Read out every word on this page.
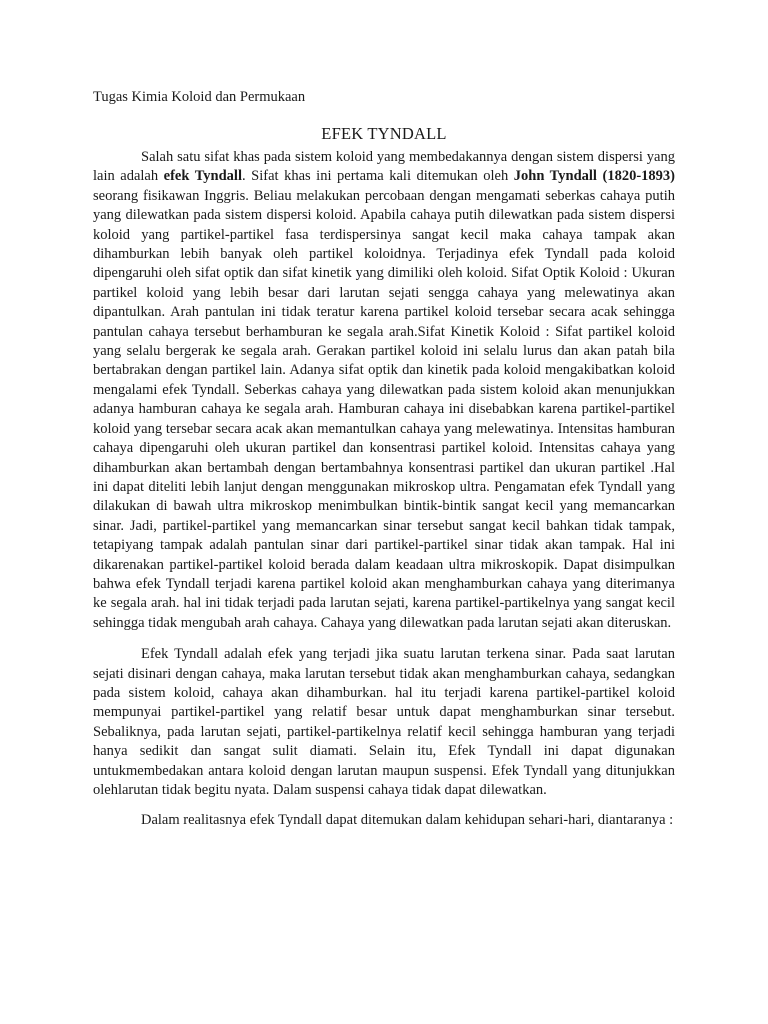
Tugas Kimia Koloid dan Permukaan
EFEK TYNDALL

Salah satu sifat khas pada sistem koloid yang membedakannya dengan sistem dispersi yang lain adalah efek Tyndall. Sifat khas ini pertama kali ditemukan oleh John Tyndall (1820-1893) seorang fisikawan Inggris. Beliau melakukan percobaan dengan mengamati seberkas cahaya putih yang dilewatkan pada sistem dispersi koloid. Apabila cahaya putih dilewatkan pada sistem dispersi koloid yang partikel-partikel fasa terdispersinya sangat kecil maka cahaya tampak akan dihamburkan lebih banyak oleh partikel koloidnya. Terjadinya efek Tyndall pada koloid dipengaruhi oleh sifat optik dan sifat kinetik yang dimiliki oleh koloid. Sifat Optik Koloid : Ukuran partikel koloid yang lebih besar dari larutan sejati sengga cahaya yang melewatinya akan dipantulkan. Arah pantulan ini tidak teratur karena partikel koloid tersebar secara acak sehingga pantulan cahaya tersebut berhamburan ke segala arah.Sifat Kinetik Koloid : Sifat partikel koloid yang selalu bergerak ke segala arah. Gerakan partikel koloid ini selalu lurus dan akan patah bila bertabrakan dengan partikel lain. Adanya sifat optik dan kinetik pada koloid mengakibatkan koloid mengalami efek Tyndall. Seberkas cahaya yang dilewatkan pada sistem koloid akan menunjukkan adanya hamburan cahaya ke segala arah. Hamburan cahaya ini disebabkan karena partikel-partikel koloid yang tersebar secara acak akan memantulkan cahaya yang melewatinya. Intensitas hamburan cahaya dipengaruhi oleh ukuran partikel dan konsentrasi partikel koloid. Intensitas cahaya yang dihamburkan akan bertambah dengan bertambahnya konsentrasi partikel dan ukuran partikel .Hal ini dapat diteliti lebih lanjut dengan menggunakan mikroskop ultra. Pengamatan efek Tyndall yang dilakukan di bawah ultra mikroskop menimbulkan bintik-bintik sangat kecil yang memancarkan sinar. Jadi, partikel-partikel yang memancarkan sinar tersebut sangat kecil bahkan tidak tampak, tetapiyang tampak adalah pantulan sinar dari partikel-partikel sinar tidak akan tampak. Hal ini dikarenakan partikel-partikel koloid berada dalam keadaan ultra mikroskopik. Dapat disimpulkan bahwa efek Tyndall terjadi karena partikel koloid akan menghamburkan cahaya yang diterimanya ke segala arah. hal ini tidak terjadi pada larutan sejati, karena partikel-partikelnya yang sangat kecil sehingga tidak mengubah arah cahaya. Cahaya yang dilewatkan pada larutan sejati akan diteruskan.

Efek Tyndall adalah efek yang terjadi jika suatu larutan terkena sinar. Pada saat larutan sejati disinari dengan cahaya, maka larutan tersebut tidak akan menghamburkan cahaya, sedangkan pada sistem koloid, cahaya akan dihamburkan. hal itu terjadi karena partikel-partikel koloid mempunyai partikel-partikel yang relatif besar untuk dapat menghamburkan sinar tersebut. Sebaliknya, pada larutan sejati, partikel-partikelnya relatif kecil sehingga hamburan yang terjadi hanya sedikit dan sangat sulit diamati. Selain itu, Efek Tyndall ini dapat digunakan untukmembedakan antara koloid dengan larutan maupun suspensi. Efek Tyndall yang ditunjukkan olehlarutan tidak begitu nyata. Dalam suspensi cahaya tidak dapat dilewatkan.

Dalam realitasnya efek Tyndall dapat ditemukan dalam kehidupan sehari-hari, diantaranya :
